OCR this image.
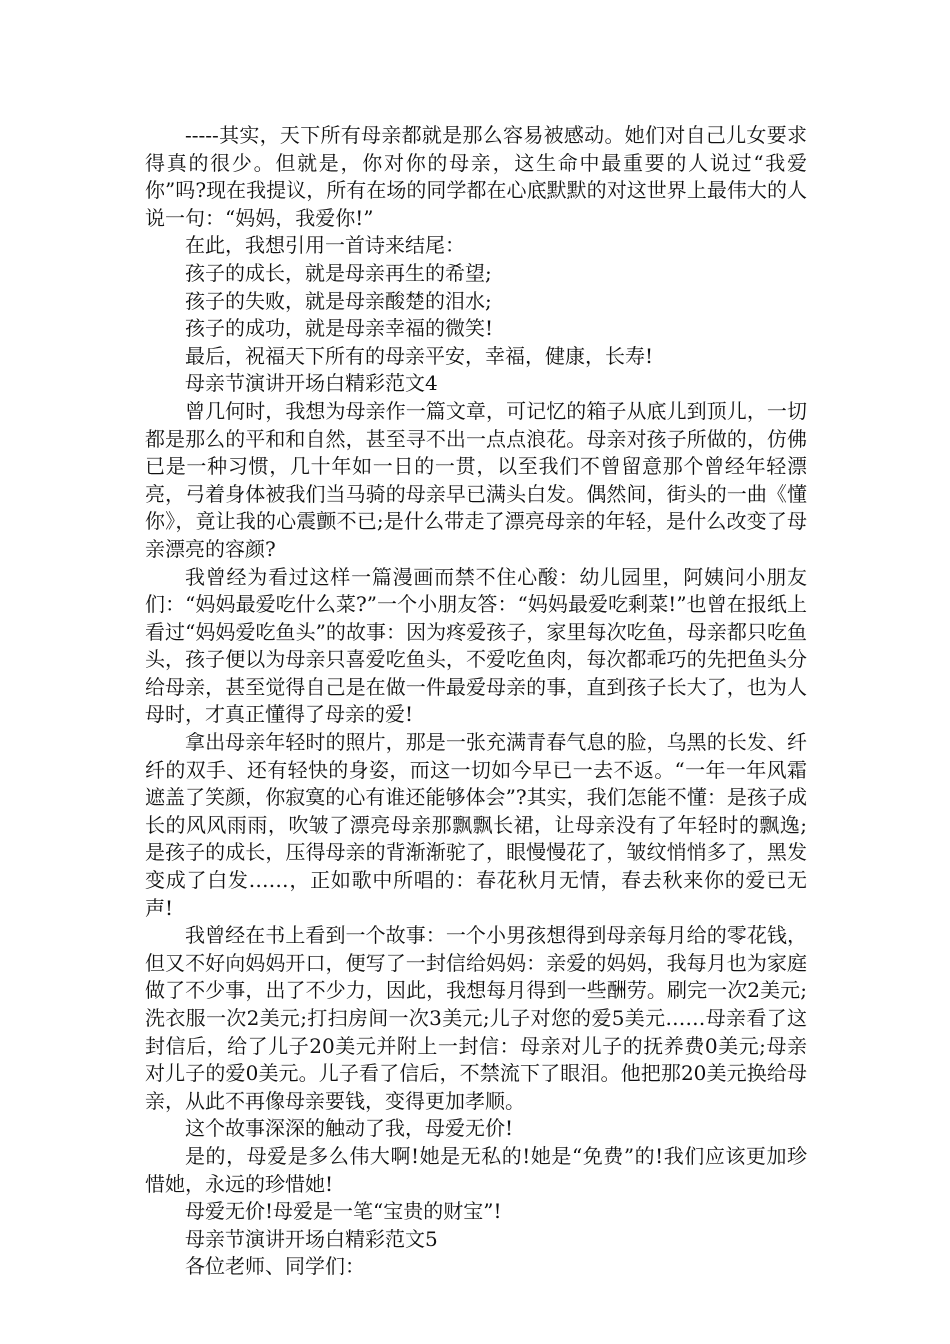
-----其实，天下所有母亲都就是那么容易被感动。她们对自己儿女要求得真的很少。但就是，你对你的母亲，这生命中最重要的人说过“我爱你”吗?现在我提议，所有在场的同学都在心底默默的对这世界上最伟大的人说一句：“妈妈，我爱你!”

在此，我想引用一首诗来结尾：

孩子的成长，就是母亲再生的希望;

孩子的失败，就是母亲酸楚的泪水;

孩子的成功，就是母亲幸福的微笑!

最后，祝福天下所有的母亲平安，幸福，健康，长寿!

母亲节演讲开场白精彩范文4

曾几何时，我想为母亲作一篇文章，可记忆的箱子从底儿到顶儿，一切都是那么的平和和自然，甚至寻不出一点点浪花。母亲对孩子所做的，仿佛已是一种习惯，几十年如一日的一贯，以至我们不曾留意那个曾经年轻漂亮，弓着身体被我们当马骑的母亲早已满头白发。偶然间，街头的一曲《懂你》，竟让我的心震颤不已;是什么带走了漂亮母亲的年轻，是什么改变了母亲漂亮的容颜?

我曾经为看过这样一篇漫画而禁不住心酸：幼儿园里，阿姨问小朋友们：“妈妈最爱吃什么菜?”一个小朋友答：“妈妈最爱吃剩菜!”也曾在报纸上看过“妈妈爱吃鱼头”的故事：因为疼爱孩子，家里每次吃鱼，母亲都只吃鱼头，孩子便以为母亲只喜爱吃鱼头，不爱吃鱼肉，每次都乖巧的先把鱼头分给母亲，甚至觉得自己是在做一件最爱母亲的事，直到孩子长大了，也为人母时，才真正懂得了母亲的爱!

拿出母亲年轻时的照片，那是一张充满青春气息的脸，乌黑的长发、纤纤的双手、还有轻快的身姿，而这一切如今早已一去不返。“一年一年风霜遮盖了笑颜，你寂寞的心有谁还能够体会”?其实，我们怎能不懂：是孩子成长的风风雨雨，吹皱了漂亮母亲那飘飘长裙，让母亲没有了年轻时的飘逸;是孩子的成长，压得母亲的背渐渐驼了，眼慢慢花了，皱纹悄悄多了，黑发变成了白发……，正如歌中所唱的：春花秋月无情，春去秋来你的爱已无声!

我曾经在书上看到一个故事：一个小男孩想得到母亲每月给的零花钱，但又不好向妈妈开口，便写了一封信给妈妈：亲爱的妈妈，我每月也为家庭做了不少事，出了不少力，因此，我想每月得到一些酬劳。刷完一次2美元;洗衣服一次2美元;打扫房间一次3美元;儿子对您的爱5美元……母亲看了这封信后，给了儿子20美元并附上一封信：母亲对儿子的抚养费0美元;母亲对儿子的爱0美元。儿子看了信后，不禁流下了眼泪。他把那20美元换给母亲，从此不再像母亲要钱，变得更加孝顺。

这个故事深深的触动了我，母爱无价!

是的，母爱是多么伟大啊!她是无私的!她是“免费”的!我们应该更加珍惜她，永远的珍惜她!

母爱无价!母爱是一笔“宝贵的财宝”!

母亲节演讲开场白精彩范文5

各位老师、同学们：
